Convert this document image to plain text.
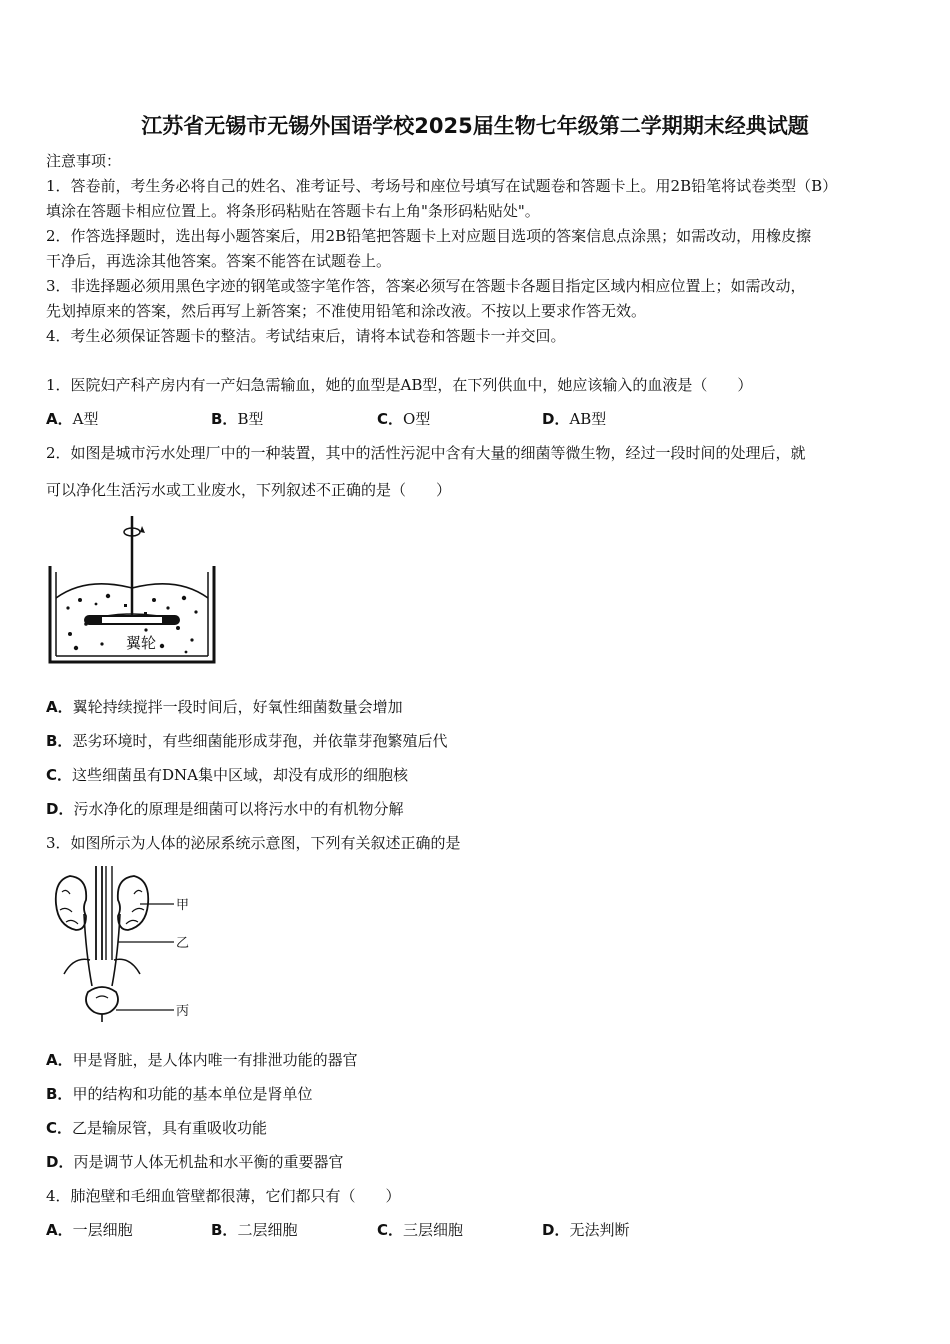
江苏省无锡市无锡外国语学校2025届生物七年级第二学期期末经典试题
注意事项：
1．答卷前，考生务必将自己的姓名、准考证号、考场号和座位号填写在试题卷和答题卡上。用2B铅笔将试卷类型（B）
填涂在答题卡相应位置上。将条形码粘贴在答题卡右上角"条形码粘贴处"。
2．作答选择题时，选出每小题答案后，用2B铅笔把答题卡上对应题目选项的答案信息点涂黑；如需改动，用橡皮擦
干净后，再选涂其他答案。答案不能答在试题卷上。
3．非选择题必须用黑色字迹的钢笔或签字笔作答，答案必须写在答题卡各题目指定区域内相应位置上；如需改动，
先划掉原来的答案，然后再写上新答案；不准使用铅笔和涂改液。不按以上要求作答无效。
4．考生必须保证答题卡的整洁。考试结束后，请将本试卷和答题卡一并交回。
1．医院妇产科产房内有一产妇急需输血，她的血型是AB型，在下列供血中，她应该输入的血液是（　　）
A．A型	B．B型	C．O型	D．AB型
2．如图是城市污水处理厂中的一种装置，其中的活性污泥中含有大量的细菌等微生物，经过一段时间的处理后，就
可以净化生活污水或工业废水，下列叙述不正确的是（　　）
翼轮
A．翼轮持续搅拌一段时间后，好氧性细菌数量会增加
B．恶劣环境时，有些细菌能形成芽孢，并依靠芽孢繁殖后代
C．这些细菌虽有DNA集中区域，却没有成形的细胞核
D．污水净化的原理是细菌可以将污水中的有机物分解
3．如图所示为人体的泌尿系统示意图，下列有关叙述正确的是
甲
乙
丙
A．甲是肾脏，是人体内唯一有排泄功能的器官
B．甲的结构和功能的基本单位是肾单位
C．乙是输尿管，具有重吸收功能
D．丙是调节人体无机盐和水平衡的重要器官
4．肺泡壁和毛细血管壁都很薄，它们都只有（　　）
A．一层细胞	B．二层细胞	C．三层细胞	D．无法判断
